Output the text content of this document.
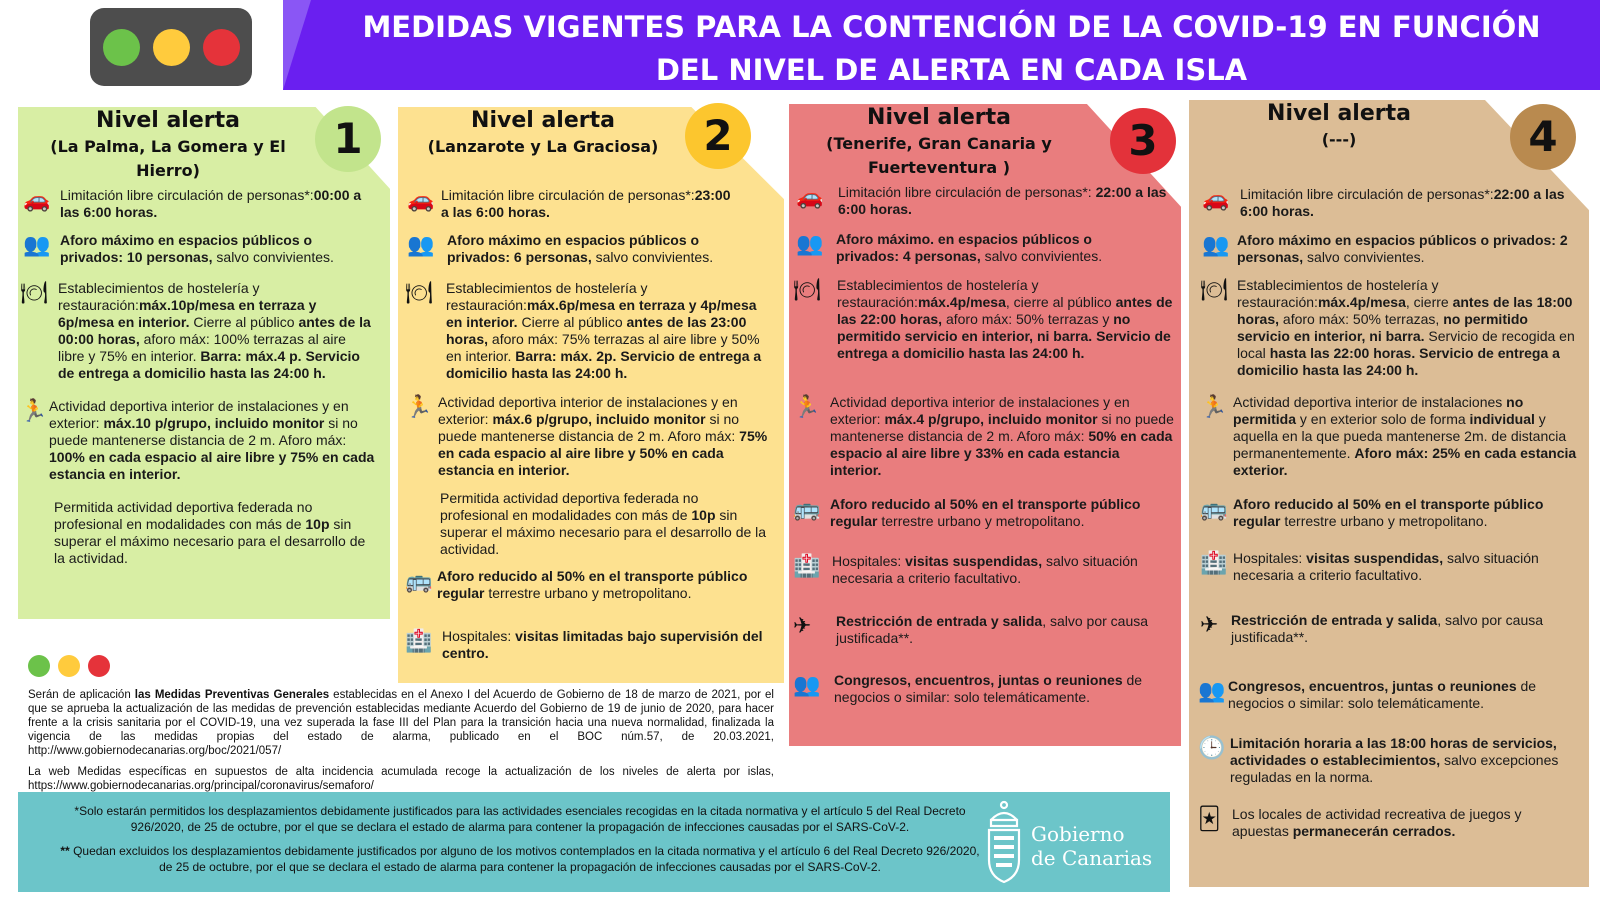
MEDIDAS VIGENTES PARA LA CONTENCIÓN DE LA COVID-19 EN FUNCIÓN
DEL NIVEL DE ALERTA EN CADA ISLA
Nivel alerta
(La Palma, La Gomera y El Hierro)
1
🚗 Limitación libre circulación de personas*:00:00 a las 6:00 horas.
👥 Aforo máximo en espacios públicos o privados: 10 personas, salvo convivientes.
🍽 Establecimientos de hostelería y restauración:máx.10p/mesa en terraza y 6p/mesa en interior. Cierre al público antes de la 00:00 horas, aforo máx: 100% terrazas al aire libre y 75% en interior. Barra: máx.4 p. Servicio de entrega a domicilio hasta las 24:00 h.
🏃 Actividad deportiva interior de instalaciones y en exterior: máx.10 p/grupo, incluido monitor si no puede mantenerse distancia de 2 m. Aforo máx: 100% en cada espacio al aire libre y 75% en cada estancia en interior.
Permitida actividad deportiva federada no profesional en modalidades con más de 10p sin superar el máximo necesario para el desarrollo de la actividad.
Nivel alerta
(Lanzarote y La Graciosa)	2
🚗 Limitación libre circulación de personas*:23:00 a las 6:00 horas.
👥 Aforo máximo en espacios públicos o privados: 6 personas, salvo convivientes.
🍽 Establecimientos de hostelería y restauración:máx.6p/mesa en terraza y 4p/mesa en interior. Cierre al público antes de las 23:00 horas, aforo máx: 75% terrazas al aire libre y 50% en interior. Barra: máx. 2p. Servicio de entrega a domicilio hasta las 24:00 h.
🏃 Actividad deportiva interior de instalaciones y en exterior: máx.6 p/grupo, incluido monitor si no puede mantenerse distancia de 2 m. Aforo máx: 75% en cada espacio al aire libre y 50% en cada estancia en interior.
Permitida actividad deportiva federada no profesional en modalidades con más de 10p sin superar el máximo necesario para el desarrollo de la actividad.
🚌 Aforo reducido al 50% en el transporte público regular terrestre urbano y metropolitano.
🏥 Hospitales: visitas limitadas bajo supervisión del centro.
Nivel alerta
(Tenerife, Gran Canaria y Fuerteventura )
3
🚗 Limitación libre circulación de personas*: 22:00 a las 6:00 horas.
👥 Aforo máximo. en espacios públicos o privados: 4 personas, salvo convivientes.
🍽 Establecimientos de hostelería y restauración:máx.4p/mesa, cierre al público antes de las 22:00 horas, aforo máx: 50% terrazas y no permitido servicio en interior, ni barra. Servicio de entrega a domicilio hasta las 24:00 h.
🏃 Actividad deportiva interior de instalaciones y en exterior: máx.4 p/grupo, incluido monitor si no puede mantenerse distancia de 2 m. Aforo máx: 50% en cada espacio al aire libre y 33% en cada estancia interior.
🚌 Aforo reducido al 50% en el transporte público regular terrestre urbano y metropolitano.
🏥 Hospitales: visitas suspendidas, salvo situación necesaria a criterio facultativo.
✈ Restricción de entrada y salida, salvo por causa justificada**.
👥 Congresos, encuentros, juntas o reuniones de negocios o similar: solo telemáticamente.
Nivel alerta
(---)	4
🚗 Limitación libre circulación de personas*:22:00 a las 6:00 horas.
👥 Aforo máximo en espacios públicos o privados: 2 personas, salvo convivientes.
🍽 Establecimientos de hostelería y restauración:máx.4p/mesa, cierre antes de las 18:00 horas, aforo máx: 50% terrazas, no permitido servicio en interior, ni barra. Servicio de recogida en local hasta las 22:00 horas. Servicio de entrega a domicilio hasta las 24:00 h.
🏃 Actividad deportiva interior de instalaciones no permitida y en exterior solo de forma individual y aquella en la que pueda mantenerse 2m. de distancia permanentemente. Aforo máx: 25% en cada estancia exterior.
🚌 Aforo reducido al 50% en el transporte público regular terrestre urbano y metropolitano.
🏥 Hospitales: visitas suspendidas, salvo situación necesaria a criterio facultativo.
✈ Restricción de entrada y salida, salvo por causa justificada**.
👥 Congresos, encuentros, juntas o reuniones de negocios o similar: solo telemáticamente.
🕒 Limitación horaria a las 18:00 horas de servicios, actividades o establecimientos, salvo excepciones reguladas en la norma.
🃏 Los locales de actividad recreativa de juegos y apuestas permanecerán cerrados.

Serán de aplicación las Medidas Preventivas Generales establecidas en el Anexo I del Acuerdo de Gobierno de 18 de marzo de 2021, por el que se aprueba la actualización de las medidas de prevención establecidas mediante Acuerdo del Gobierno de 19 de junio de 2020, para hacer frente a la crisis sanitaria por el COVID-19, una vez superada la fase III del Plan para la transición hacia una nueva normalidad, finalizada la vigencia de las medidas propias del estado de alarma, publicado en el BOC núm.57, de 20.03.2021, http://www.gobiernodecanarias.org/boc/2021/057/

La web Medidas específicas en supuestos de alta incidencia acumulada recoge la actualización de los niveles de alerta por islas, https://www.gobiernodecanarias.org/principal/coronavirus/semaforo/

*Solo estarán permitidos los desplazamientos debidamente justificados para las actividades esenciales recogidas en la citada normativa y el artículo 5 del Real Decreto 926/2020, de 25 de octubre, por el que se declara el estado de alarma para contener la propagación de infecciones causadas por el SARS-CoV-2.

** Quedan excluidos los desplazamientos debidamente justificados por alguno de los motivos contemplados en la citada normativa y el artículo 6 del Real Decreto 926/2020, de 25 de octubre, por el que se declara el estado de alarma para contener la propagación de infecciones causadas por el SARS-CoV-2.

Gobierno
de Canarias
